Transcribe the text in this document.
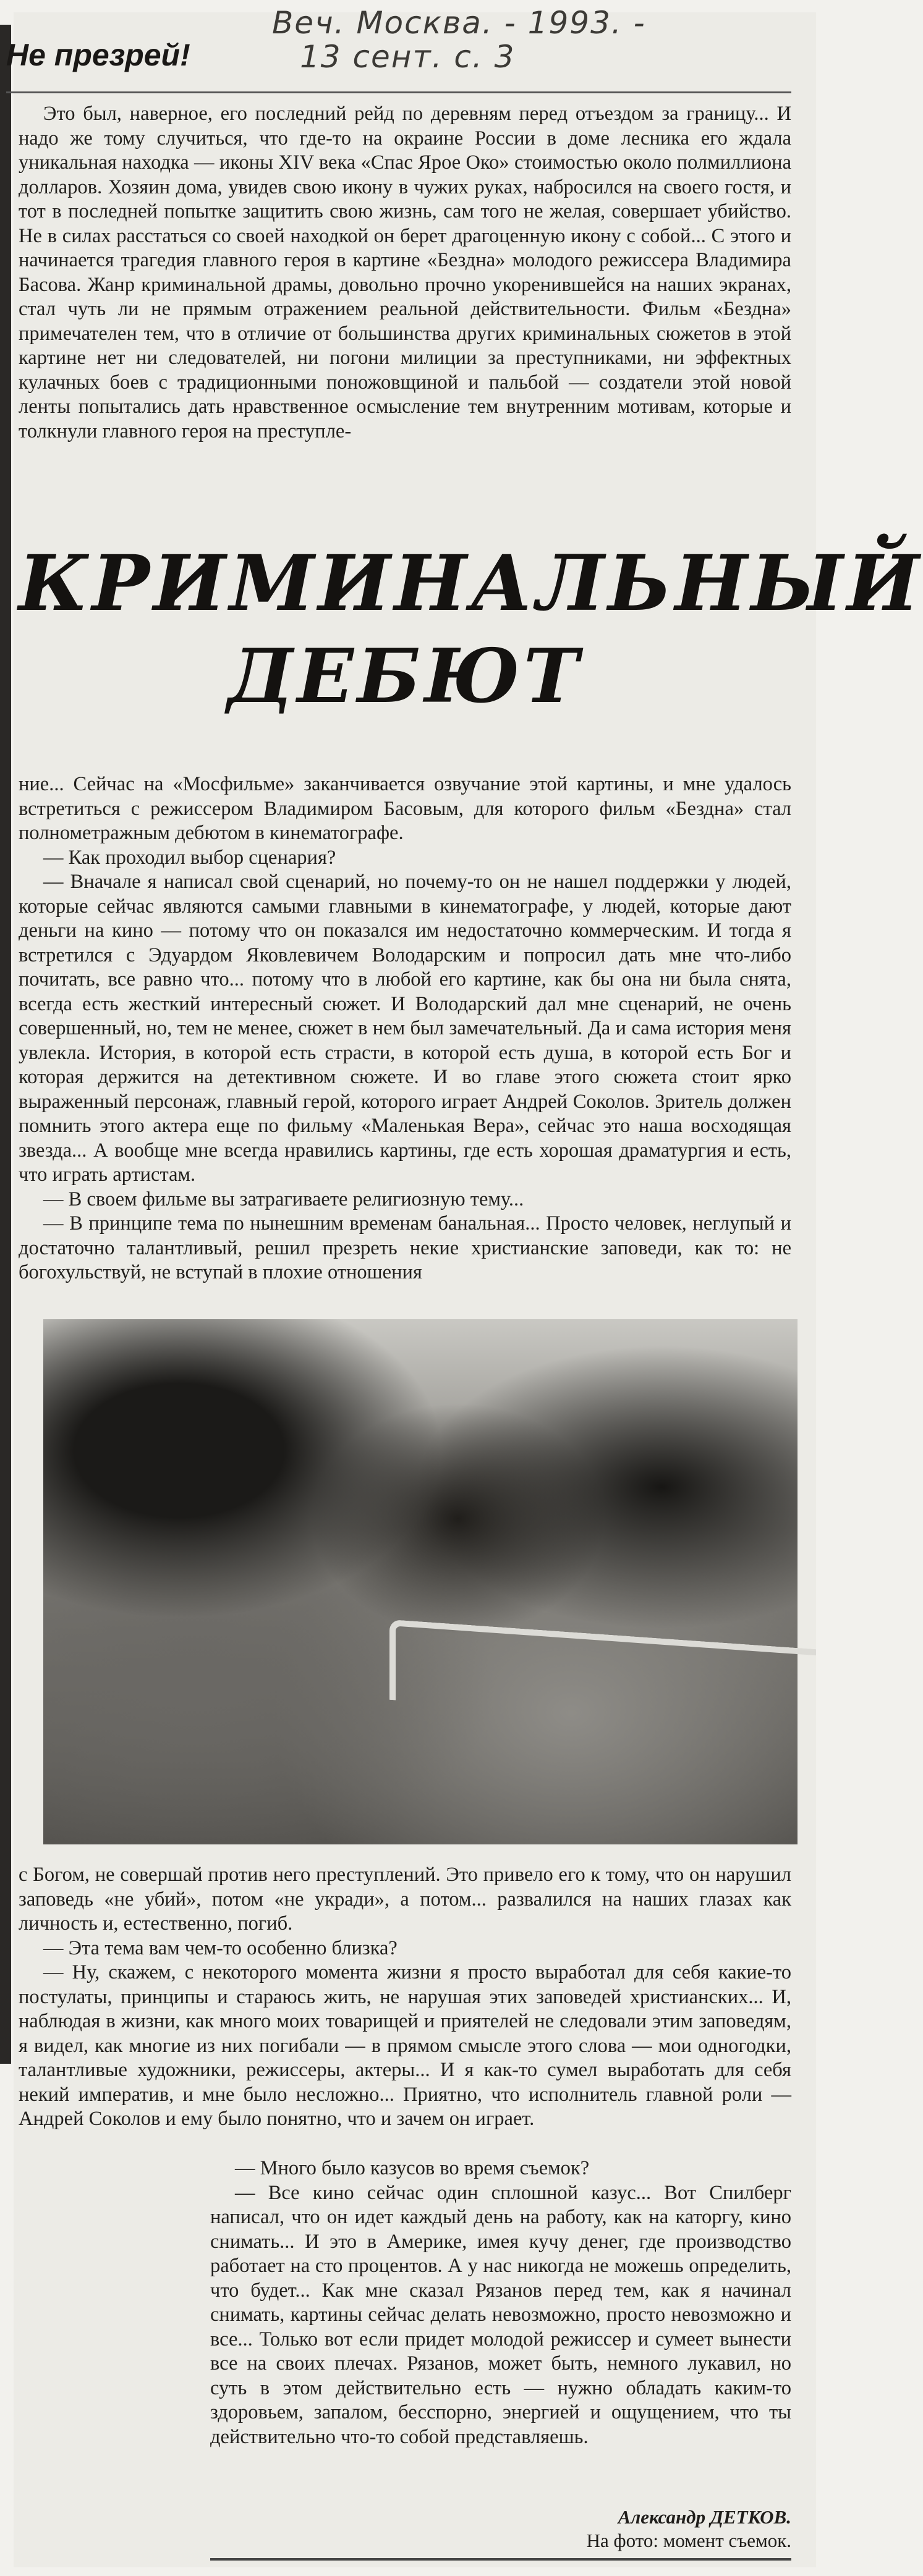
Веч. Москва. - 1993. -
13 сент. с. 3
Не презрей!

Это был, наверное, его последний рейд по деревням перед отъездом за границу... И надо же тому случиться, что где-то на окраине России в доме лесника его ждала уникальная находка — иконы XIV века «Спас Ярое Око» стоимостью около полмиллиона долларов. Хозяин дома, увидев свою икону в чужих руках, набросился на своего гостя, и тот в последней попытке защитить свою жизнь, сам того не желая, совершает убийство. Не в силах расстаться со своей находкой он берет драгоценную икону с собой... С этого и начинается трагедия главного героя в картине «Бездна» молодого режиссера Владимира Басова. Жанр криминальной драмы, довольно прочно укоренившейся на наших экранах, стал чуть ли не прямым отражением реальной действительности. Фильм «Бездна» примечателен тем, что в отличие от большинства других криминальных сюжетов в этой картине нет ни следователей, ни погони милиции за преступниками, ни эффектных кулачных боев с традиционными поножовщиной и пальбой — создатели этой новой ленты попытались дать нравственное осмысление тем внутренним мотивам, которые и толкнули главного героя на преступле-

КРИМИНАЛЬНЫЙ
ДЕБЮТ

ние... Сейчас на «Мосфильме» заканчивается озвучание этой картины, и мне удалось встретиться с режиссером Владимиром Басовым, для которого фильм «Бездна» стал полнометражным дебютом в кинематографе.

— Как проходил выбор сценария?

— Вначале я написал свой сценарий, но почему-то он не нашел поддержки у людей, которые сейчас являются самыми главными в кинематографе, у людей, которые дают деньги на кино — потому что он показался им недостаточно коммерческим. И тогда я встретился с Эдуардом Яковлевичем Володарским и попросил дать мне что-либо почитать, все равно что... потому что в любой его картине, как бы она ни была снята, всегда есть жесткий интересный сюжет. И Володарский дал мне сценарий, не очень совершенный, но, тем не менее, сюжет в нем был замечательный. Да и сама история меня увлекла. История, в которой есть страсти, в которой есть душа, в которой есть Бог и которая держится на детективном сюжете. И во главе этого сюжета стоит ярко выраженный персонаж, главный герой, которого играет Андрей Соколов. Зритель должен помнить этого актера еще по фильму «Маленькая Вера», сейчас это наша восходящая звезда... А вообще мне всегда нравились картины, где есть хорошая драматургия и есть, что играть артистам.

— В своем фильме вы затрагиваете религиозную тему...

— В принципе тема по нынешним временам банальная... Просто человек, неглупый и достаточно талантливый, решил презреть некие христианские заповеди, как то: не богохульствуй, не вступай в плохие отношения

с Богом, не совершай против него преступлений. Это привело его к тому, что он нарушил заповедь «не убий», потом «не укради», а потом... развалился на наших глазах как личность и, естественно, погиб.

— Эта тема вам чем-то особенно близка?

— Ну, скажем, с некоторого момента жизни я просто выработал для себя какие-то постулаты, принципы и стараюсь жить, не нарушая этих заповедей христианских... И, наблюдая в жизни, как много моих товарищей и приятелей не следовали этим заповедям, я видел, как многие из них погибали — в прямом смысле этого слова — мои одногодки, талантливые художники, режиссеры, актеры... И я как-то сумел выработать для себя некий императив, и мне было несложно... Приятно, что исполнитель главной роли — Андрей Соколов и ему было понятно, что и зачем он играет.

— Много было казусов во время съемок?

— Все кино сейчас один сплошной казус... Вот Спилберг написал, что он идет каждый день на работу, как на каторгу, кино снимать... И это в Америке, имея кучу денег, где производство работает на сто процентов. А у нас никогда не можешь определить, что будет... Как мне сказал Рязанов перед тем, как я начинал снимать, картины сейчас делать невозможно, просто невозможно и все... Только вот если придет молодой режиссер и сумеет вынести все на своих плечах. Рязанов, может быть, немного лукавил, но суть в этом действительно есть — нужно обладать каким-то здоровьем, запалом, бесспорно, энергией и ощущением, что ты действительно что-то собой представляешь.

Александр ДЕТКОВ.
На фото: момент съемок.
